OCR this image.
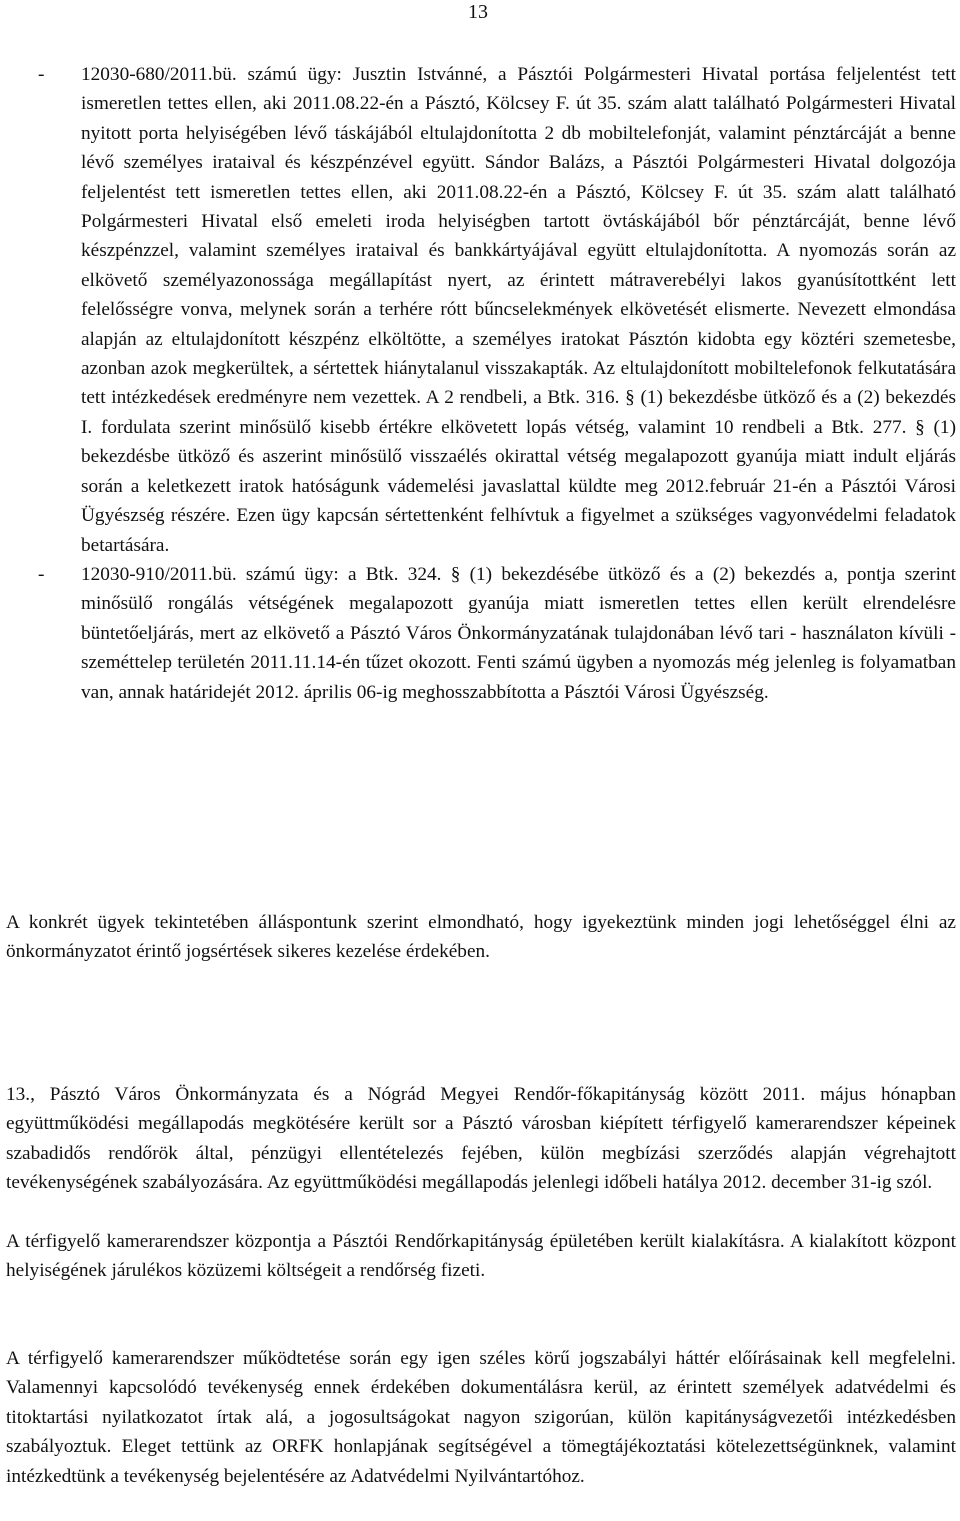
13
- 12030-680/2011.bü. számú ügy: Jusztin Istvánné, a Pásztói Polgármesteri Hivatal portása feljelentést tett ismeretlen tettes ellen, aki 2011.08.22-én a Pásztó, Kölcsey F. út 35. szám alatt található Polgármesteri Hivatal nyitott porta helyiségében lévő táskájából eltulajdonította 2 db mobiltelefonját, valamint pénztárcáját a benne lévő személyes irataival és készpénzével együtt. Sándor Balázs, a Pásztói Polgármesteri Hivatal dolgozója feljelentést tett ismeretlen tettes ellen, aki 2011.08.22-én a Pásztó, Kölcsey F. út 35. szám alatt található Polgármesteri Hivatal első emeleti iroda helyiségben tartott övtáskájából bőr pénztárcáját, benne lévő készpénzzel, valamint személyes irataival és bankkártyájával együtt eltulajdonította. A nyomozás során az elkövető személyazonossága megállapítást nyert, az érintett mátraverebélyi lakos gyanúsítottként lett felelősségre vonva, melynek során a terhére rótt bűncselekmények elkövetését elismerte. Nevezett elmondása alapján az eltulajdonított készpénz elköltötte, a személyes iratokat Pásztón kidobta egy köztéri szemetesbe, azonban azok megkerültek, a sértettek hiánytalanul visszakapták. Az eltulajdonított mobiltelefonok felkutatására tett intézkedések eredményre nem vezettek. A 2 rendbeli, a Btk. 316. § (1) bekezdésbe ütköző és a (2) bekezdés I. fordulata szerint minősülő kisebb értékre elkövetett lopás vétség, valamint 10 rendbeli a Btk. 277. § (1) bekezdésbe ütköző és aszerint minősülő visszaélés okirattal vétség megalapozott gyanúja miatt indult eljárás során a keletkezett iratok hatóságunk vádemelési javaslattal küldte meg 2012.február 21-én a Pásztói Városi Ügyészség részére. Ezen ügy kapcsán sértettenként felhívtuk a figyelmet a szükséges vagyonvédelmi feladatok betartására.
- 12030-910/2011.bü. számú ügy: a Btk. 324. § (1) bekezdésébe ütköző és a (2) bekezdés a, pontja szerint minősülő rongálás vétségének megalapozott gyanúja miatt ismeretlen tettes ellen került elrendelésre büntetőeljárás, mert az elkövető a Pásztó Város Önkormányzatának tulajdonában lévő tari - használaton kívüli - szeméttelep területén 2011.11.14-én tűzet okozott. Fenti számú ügyben a nyomozás még jelenleg is folyamatban van, annak határidejét 2012. április 06-ig meghosszabbította a Pásztói Városi Ügyészség.

A konkrét ügyek tekintetében álláspontunk szerint elmondható, hogy igyekeztünk minden jogi lehetőséggel élni az önkormányzatot érintő jogsértések sikeres kezelése érdekében.

13., Pásztó Város Önkormányzata és a Nógrád Megyei Rendőr-főkapitányság között 2011. május hónapban együttműködési megállapodás megkötésére került sor a Pásztó városban kiépített térfigyelő kamerarendszer képeinek szabadidős rendőrök által, pénzügyi ellentételezés fejében, külön megbízási szerződés alapján végrehajtott tevékenységének szabályozására. Az együttműködési megállapodás jelenlegi időbeli hatálya 2012. december 31-ig szól.

A térfigyelő kamerarendszer központja a Pásztói Rendőrkapitányság épületében került kialakításra. A kialakított központ helyiségének járulékos közüzemi költségeit a rendőrség fizeti.

A térfigyelő kamerarendszer működtetése során egy igen széles körű jogszabályi háttér előírásainak kell megfelelni. Valamennyi kapcsolódó tevékenység ennek érdekében dokumentálásra kerül, az érintett személyek adatvédelmi és titoktartási nyilatkozatot írtak alá, a jogosultságokat nagyon szigorúan, külön kapitányságvezetői intézkedésben szabályoztuk. Eleget tettünk az ORFK honlapjának segítségével a tömegtájékoztatási kötelezettségünknek, valamint intézkedtünk a tevékenység bejelentésére az Adatvédelmi Nyilvántartóhoz.
